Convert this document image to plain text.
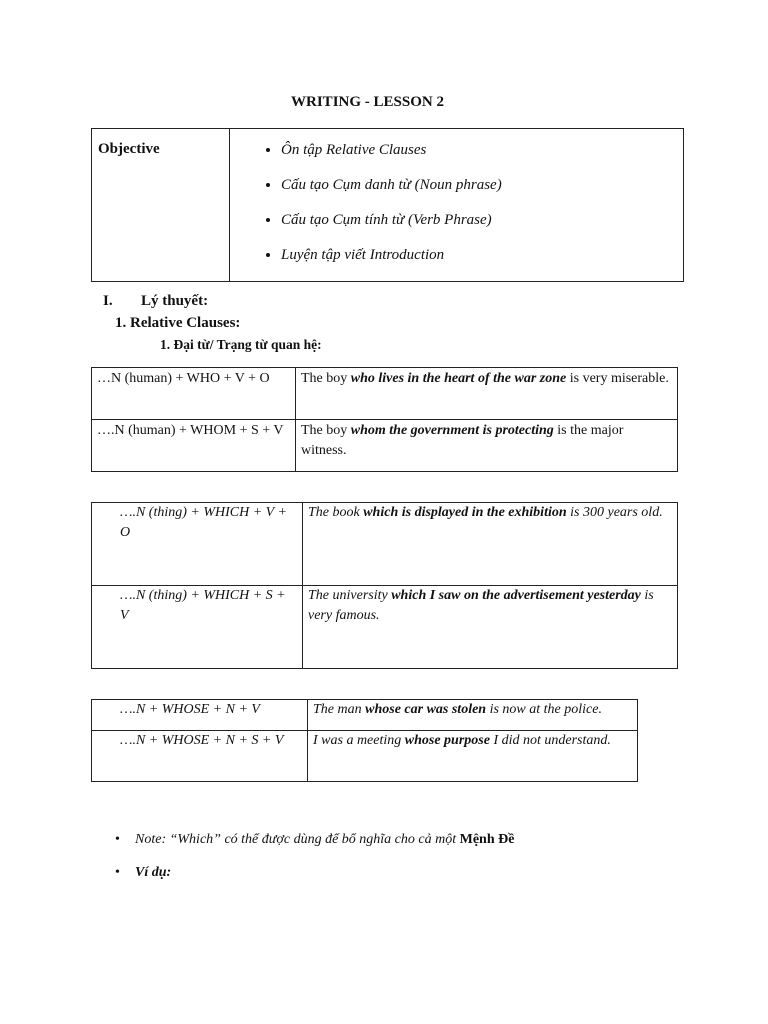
WRITING - LESSON 2
Objective	
•Ôn tập Relative Clauses
• Cấu tạo Cụm danh từ (Noun phrase)
• Cấu tạo Cụm tính từ (Verb Phrase)
• Luyện tập viết Introduction
I. Lý thuyết:
1. Relative Clauses:
1. Đại từ/ Trạng từ quan hệ:
…N (human) + WHO + V + O	The boy who lives in the heart of the war zone is very miserable.
….N (human) + WHOM + S + V	The boy whom the government is protecting is the major witness.
….N (thing) + WHICH + V + O	The book which is displayed in the exhibition is 300 years old.
….N (thing) + WHICH + S + V	The university which I saw on the advertisement yesterday is very famous.
….N + WHOSE + N + V	The man whose car was stolen is now at the police.
….N + WHOSE + N + S + V	I was a meeting whose purpose I did not understand.
• Note: “Which” có thể được dùng để bổ nghĩa cho cả một Mệnh Đề
• Ví dụ:
